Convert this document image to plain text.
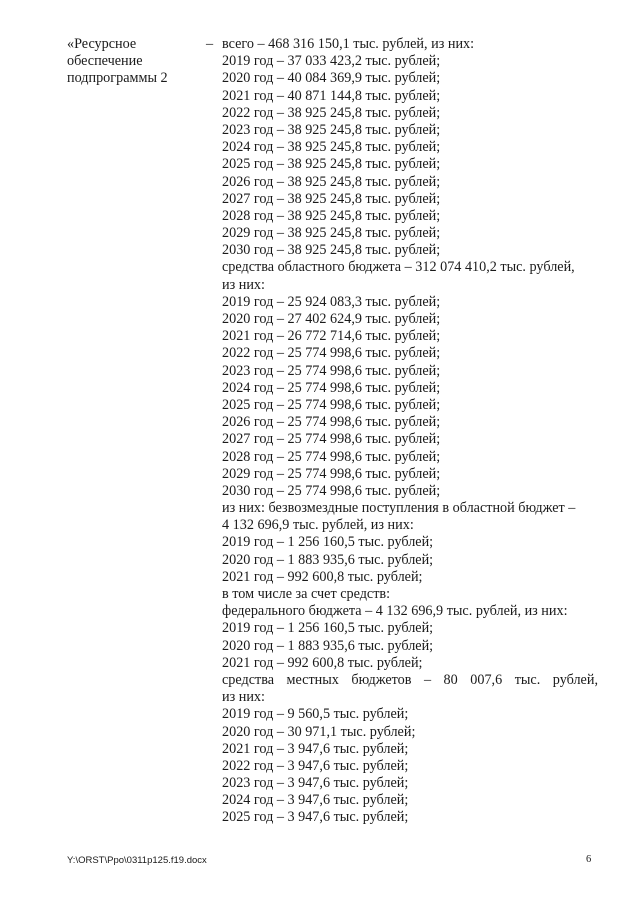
«Ресурсное
обеспечение
подпрограммы 2
– всего – 468 316 150,1 тыс. рублей, из них:
2019 год – 37 033 423,2 тыс. рублей;
2020 год – 40 084 369,9 тыс. рублей;
2021 год – 40 871 144,8 тыс. рублей;
2022 год – 38 925 245,8 тыс. рублей;
2023 год – 38 925 245,8 тыс. рублей;
2024 год – 38 925 245,8 тыс. рублей;
2025 год – 38 925 245,8 тыс. рублей;
2026 год – 38 925 245,8 тыс. рублей;
2027 год – 38 925 245,8 тыс. рублей;
2028 год – 38 925 245,8 тыс. рублей;
2029 год – 38 925 245,8 тыс. рублей;
2030 год – 38 925 245,8 тыс. рублей;
средства областного бюджета – 312 074 410,2 тыс. рублей,
из них:
2019 год – 25 924 083,3 тыс. рублей;
2020 год – 27 402 624,9 тыс. рублей;
2021 год – 26 772 714,6 тыс. рублей;
2022 год – 25 774 998,6 тыс. рублей;
2023 год – 25 774 998,6 тыс. рублей;
2024 год – 25 774 998,6 тыс. рублей;
2025 год – 25 774 998,6 тыс. рублей;
2026 год – 25 774 998,6 тыс. рублей;
2027 год – 25 774 998,6 тыс. рублей;
2028 год – 25 774 998,6 тыс. рублей;
2029 год – 25 774 998,6 тыс. рублей;
2030 год – 25 774 998,6 тыс. рублей;
из них: безвозмездные поступления в областной бюджет –
4 132 696,9 тыс. рублей, из них:
2019 год – 1 256 160,5 тыс. рублей;
2020 год – 1 883 935,6 тыс. рублей;
2021 год – 992 600,8 тыс. рублей;
в том числе за счет средств:
федерального бюджета – 4 132 696,9 тыс. рублей, из них:
2019 год – 1 256 160,5 тыс. рублей;
2020 год – 1 883 935,6 тыс. рублей;
2021 год – 992 600,8 тыс. рублей;
средства местных бюджетов – 80 007,6 тыс. рублей,
из них:
2019 год – 9 560,5 тыс. рублей;
2020 год – 30 971,1 тыс. рублей;
2021 год – 3 947,6 тыс. рублей;
2022 год – 3 947,6 тыс. рублей;
2023 год – 3 947,6 тыс. рублей;
2024 год – 3 947,6 тыс. рублей;
2025 год – 3 947,6 тыс. рублей;
Y:\ORST\Ppo\0311p125.f19.docx	6
